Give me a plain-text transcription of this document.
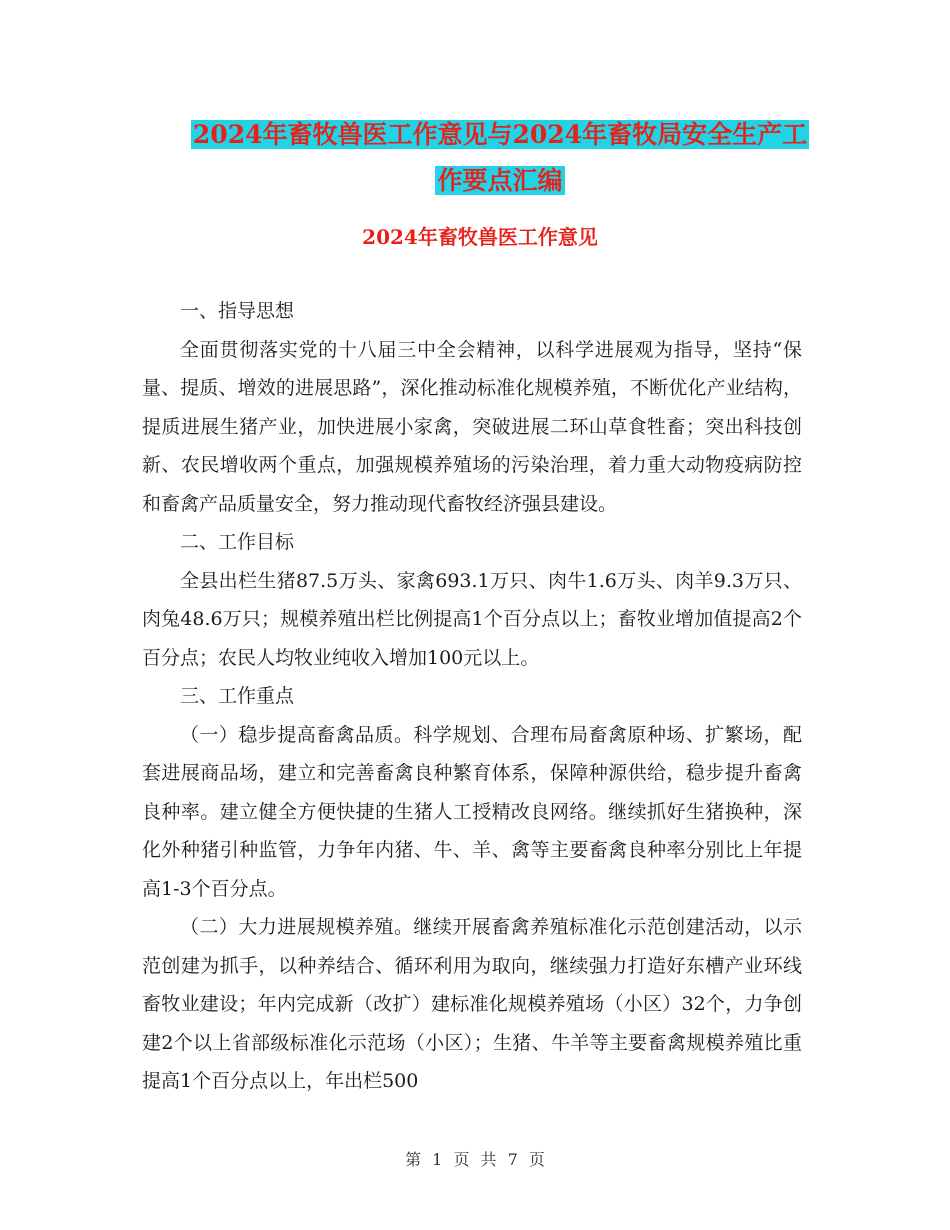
2024年畜牧兽医工作意见与2024年畜牧局安全生产工
作要点汇编
2024年畜牧兽医工作意见

一、指导思想

全面贯彻落实党的十八届三中全会精神，以科学进展观为指导，坚持“保量、提质、增效的进展思路”，深化推动标准化规模养殖，不断优化产业结构，提质进展生猪产业，加快进展小家禽，突破进展二环山草食牲畜；突出科技创新、农民增收两个重点，加强规模养殖场的污染治理，着力重大动物疫病防控和畜禽产品质量安全，努力推动现代畜牧经济强县建设。

二、工作目标

全县出栏生猪87.5万头、家禽693.1万只、肉牛1.6万头、肉羊9.3万只、肉兔48.6万只；规模养殖出栏比例提高1个百分点以上；畜牧业增加值提高2个百分点；农民人均牧业纯收入增加100元以上。

三、工作重点

（一）稳步提高畜禽品质。科学规划、合理布局畜禽原种场、扩繁场，配套进展商品场，建立和完善畜禽良种繁育体系，保障种源供给，稳步提升畜禽良种率。建立健全方便快捷的生猪人工授精改良网络。继续抓好生猪换种，深化外种猪引种监管，力争年内猪、牛、羊、禽等主要畜禽良种率分别比上年提高1-3个百分点。

（二）大力进展规模养殖。继续开展畜禽养殖标准化示范创建活动，以示范创建为抓手，以种养结合、循环利用为取向，继续强力打造好东槽产业环线畜牧业建设；年内完成新（改扩）建标准化规模养殖场（小区）32个，力争创建2个以上省部级标准化示范场（小区）；生猪、牛羊等主要畜禽规模养殖比重提高1个百分点以上，年出栏500

第 1 页 共 7 页
